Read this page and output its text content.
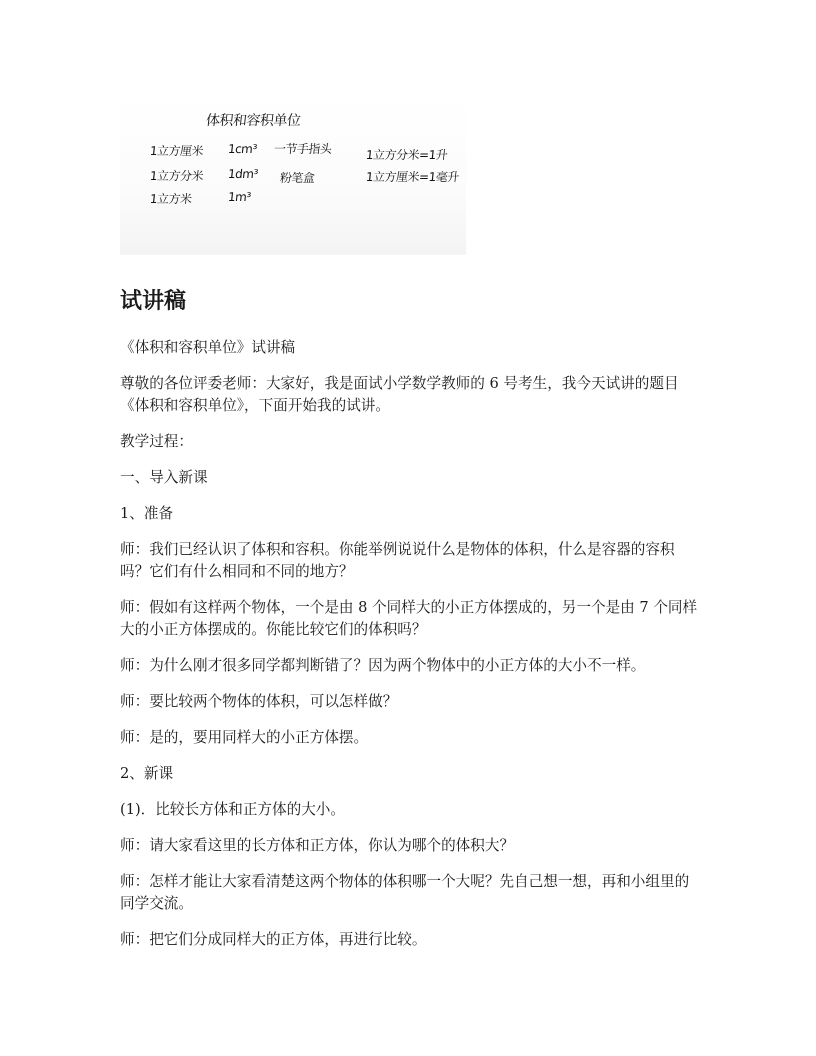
体积和容积单位
1立方厘米 1cm³ 一节手指头
1立方分米 1dm³ 粉笔盒
1立方米	1m³
1立方分米=1升
1立方厘米=1毫升
试讲稿

《体积和容积单位》试讲稿

尊敬的各位评委老师：大家好，我是面试小学数学教师的 6 号考生，我今天试讲的题目《体积和容积单位》，下面开始我的试讲。

教学过程：

一、导入新课

1、准备

师：我们已经认识了体积和容积。你能举例说说什么是物体的体积，什么是容器的容积吗？它们有什么相同和不同的地方？

师：假如有这样两个物体，一个是由 8 个同样大的小正方体摆成的，另一个是由 7 个同样大的小正方体摆成的。你能比较它们的体积吗？

师：为什么刚才很多同学都判断错了？因为两个物体中的小正方体的大小不一样。

师：要比较两个物体的体积，可以怎样做？

师：是的，要用同样大的小正方体摆。

2、新课

(1)．比较长方体和正方体的大小。

师：请大家看这里的长方体和正方体，你认为哪个的体积大？

师：怎样才能让大家看清楚这两个物体的体积哪一个大呢？先自己想一想，再和小组里的同学交流。

师：把它们分成同样大的正方体，再进行比较。
